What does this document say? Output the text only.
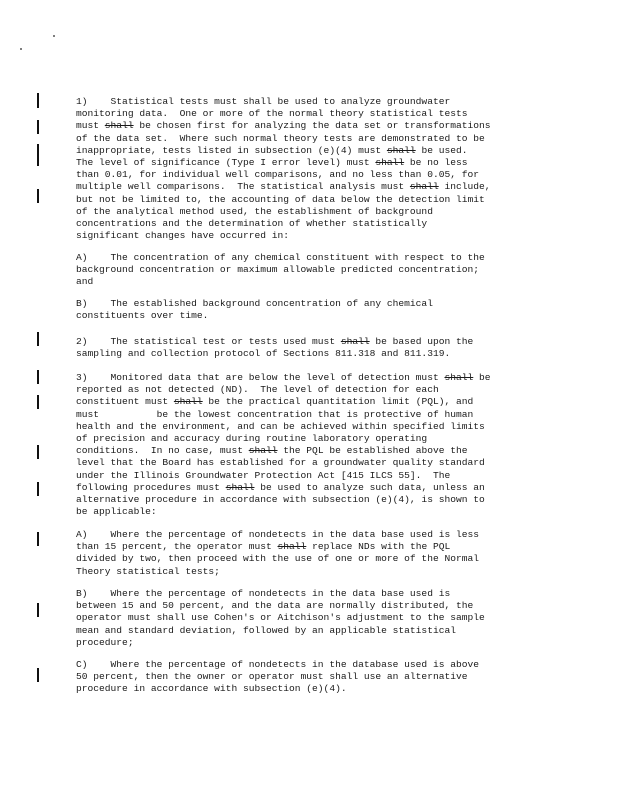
1)    Statistical tests must shall be used to analyze groundwater
monitoring data.  One or more of the normal theory statistical tests
must shall be chosen first for analyzing the data set or transformations
of the data set.  Where such normal theory tests are demonstrated to be
inappropriate, tests listed in subsection (e)(4) must shall be used.
The level of significance (Type I error level) must shall be no less
than 0.01, for individual well comparisons, and no less than 0.05, for
multiple well comparisons.  The statistical analysis must shall include,
but not be limited to, the accounting of data below the detection limit
of the analytical method used, the establishment of background
concentrations and the determination of whether statistically
significant changes have occurred in:
A)    The concentration of any chemical constituent with respect to the
background concentration or maximum allowable predicted concentration;
and
B)    The established background concentration of any chemical
constituents over time.
2)    The statistical test or tests used must shall be based upon the
sampling and collection protocol of Sections 811.318 and 811.319.
3)    Monitored data that are below the level of detection must shall be
reported as not detected (ND).  The level of detection for each
constituent must shall be the practical quantitation limit (PQL), and
must          be the lowest concentration that is protective of human
health and the environment, and can be achieved within specified limits
of precision and accuracy during routine laboratory operating
conditions.  In no case, must shall the PQL be established above the
level that the Board has established for a groundwater quality standard
under the Illinois Groundwater Protection Act [415 ILCS 55].  The
following procedures must shall be used to analyze such data, unless an
alternative procedure in accordance with subsection (e)(4), is shown to
be applicable:
A)    Where the percentage of nondetects in the data base used is less
than 15 percent, the operator must shall replace NDs with the PQL
divided by two, then proceed with the use of one or more of the Normal
Theory statistical tests;
B)    Where the percentage of nondetects in the data base used is
between 15 and 50 percent, and the data are normally distributed, the
operator must shall use Cohen's or Aitchison's adjustment to the sample
mean and standard deviation, followed by an applicable statistical
procedure;
C)    Where the percentage of nondetects in the database used is above
50 percent, then the owner or operator must shall use an alternative
procedure in accordance with subsection (e)(4).
